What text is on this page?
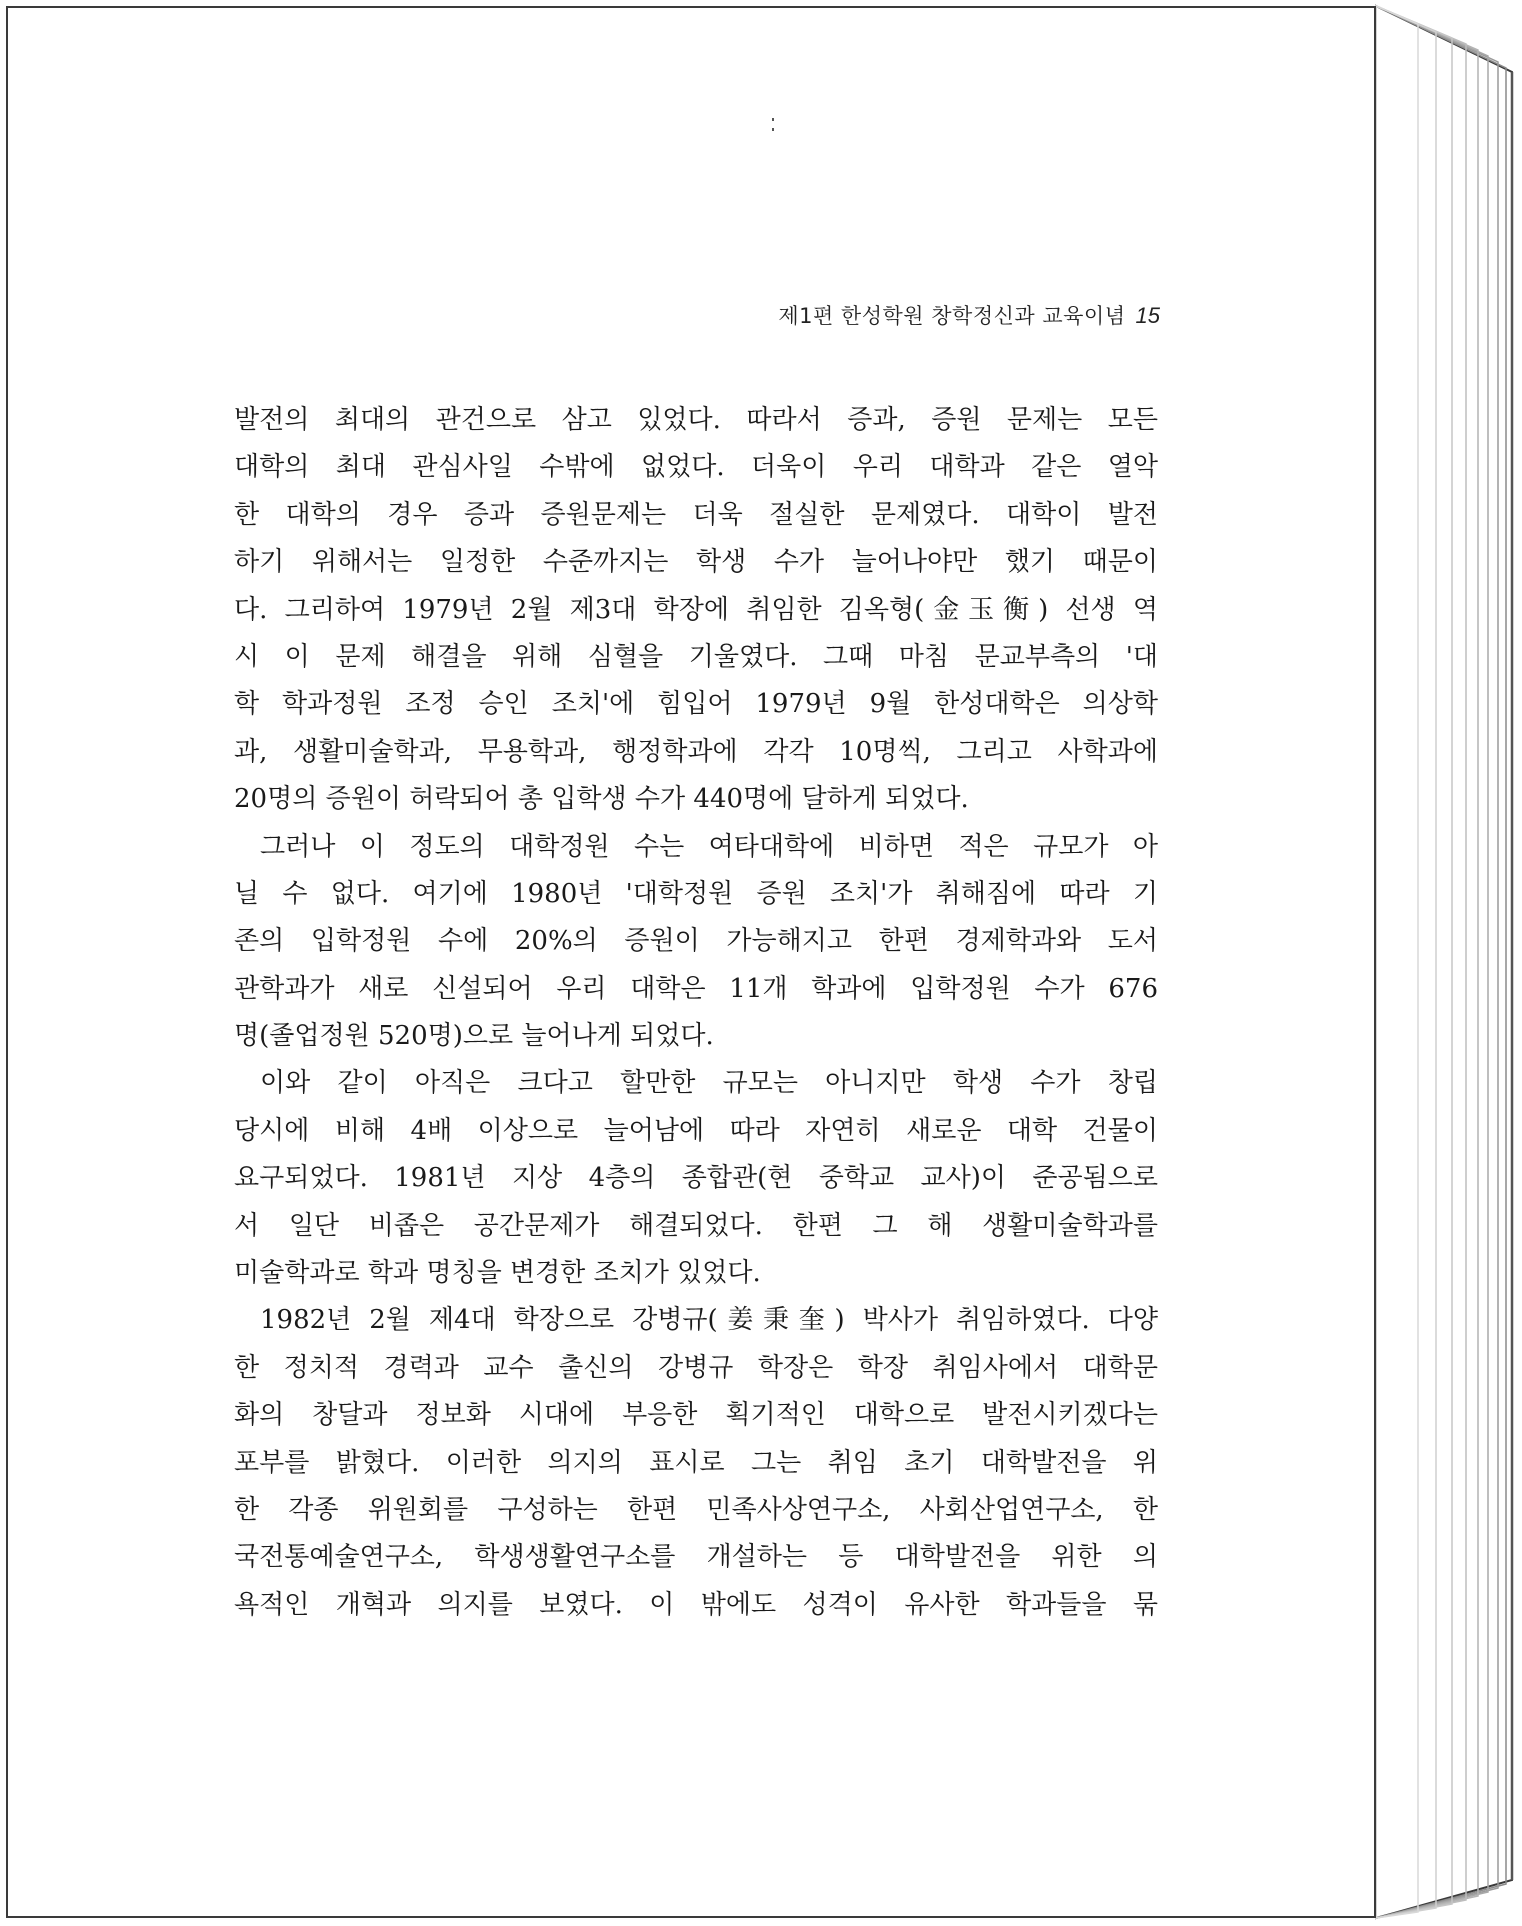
제1편 한성학원 창학정신과 교육이념 15
발전의 최대의 관건으로 삼고 있었다. 따라서 증과, 증원 문제는 모든
대학의 최대 관심사일 수밖에 없었다. 더욱이 우리 대학과 같은 열악
한 대학의 경우 증과 증원문제는 더욱 절실한 문제였다. 대학이 발전
하기 위해서는 일정한 수준까지는 학생 수가 늘어나야만 했기 때문이
다. 그리하여 1979년 2월 제3대 학장에 취임한 김옥형(金玉衡) 선생 역
시 이 문제 해결을 위해 심혈을 기울였다. 그때 마침 문교부측의 '대
학 학과정원 조정 승인 조치'에 힘입어 1979년 9월 한성대학은 의상학
과, 생활미술학과, 무용학과, 행정학과에 각각 10명씩, 그리고 사학과에
20명의 증원이 허락되어 총 입학생 수가 440명에 달하게 되었다.
그러나 이 정도의 대학정원 수는 여타대학에 비하면 적은 규모가 아
닐 수 없다. 여기에 1980년 '대학정원 증원 조치'가 취해짐에 따라 기
존의 입학정원 수에 20%의 증원이 가능해지고 한편 경제학과와 도서
관학과가 새로 신설되어 우리 대학은 11개 학과에 입학정원 수가 676
명(졸업정원 520명)으로 늘어나게 되었다.
이와 같이 아직은 크다고 할만한 규모는 아니지만 학생 수가 창립
당시에 비해 4배 이상으로 늘어남에 따라 자연히 새로운 대학 건물이
요구되었다. 1981년 지상 4층의 종합관(현 중학교 교사)이 준공됨으로
서 일단 비좁은 공간문제가 해결되었다. 한편 그 해 생활미술학과를
미술학과로 학과 명칭을 변경한 조치가 있었다.
1982년 2월 제4대 학장으로 강병규(姜秉奎) 박사가 취임하였다. 다양
한 정치적 경력과 교수 출신의 강병규 학장은 학장 취임사에서 대학문
화의 창달과 정보화 시대에 부응한 획기적인 대학으로 발전시키겠다는
포부를 밝혔다. 이러한 의지의 표시로 그는 취임 초기 대학발전을 위
한 각종 위원회를 구성하는 한편 민족사상연구소, 사회산업연구소, 한
국전통예술연구소, 학생생활연구소를 개설하는 등 대학발전을 위한 의
욕적인 개혁과 의지를 보였다. 이 밖에도 성격이 유사한 학과들을 묶
